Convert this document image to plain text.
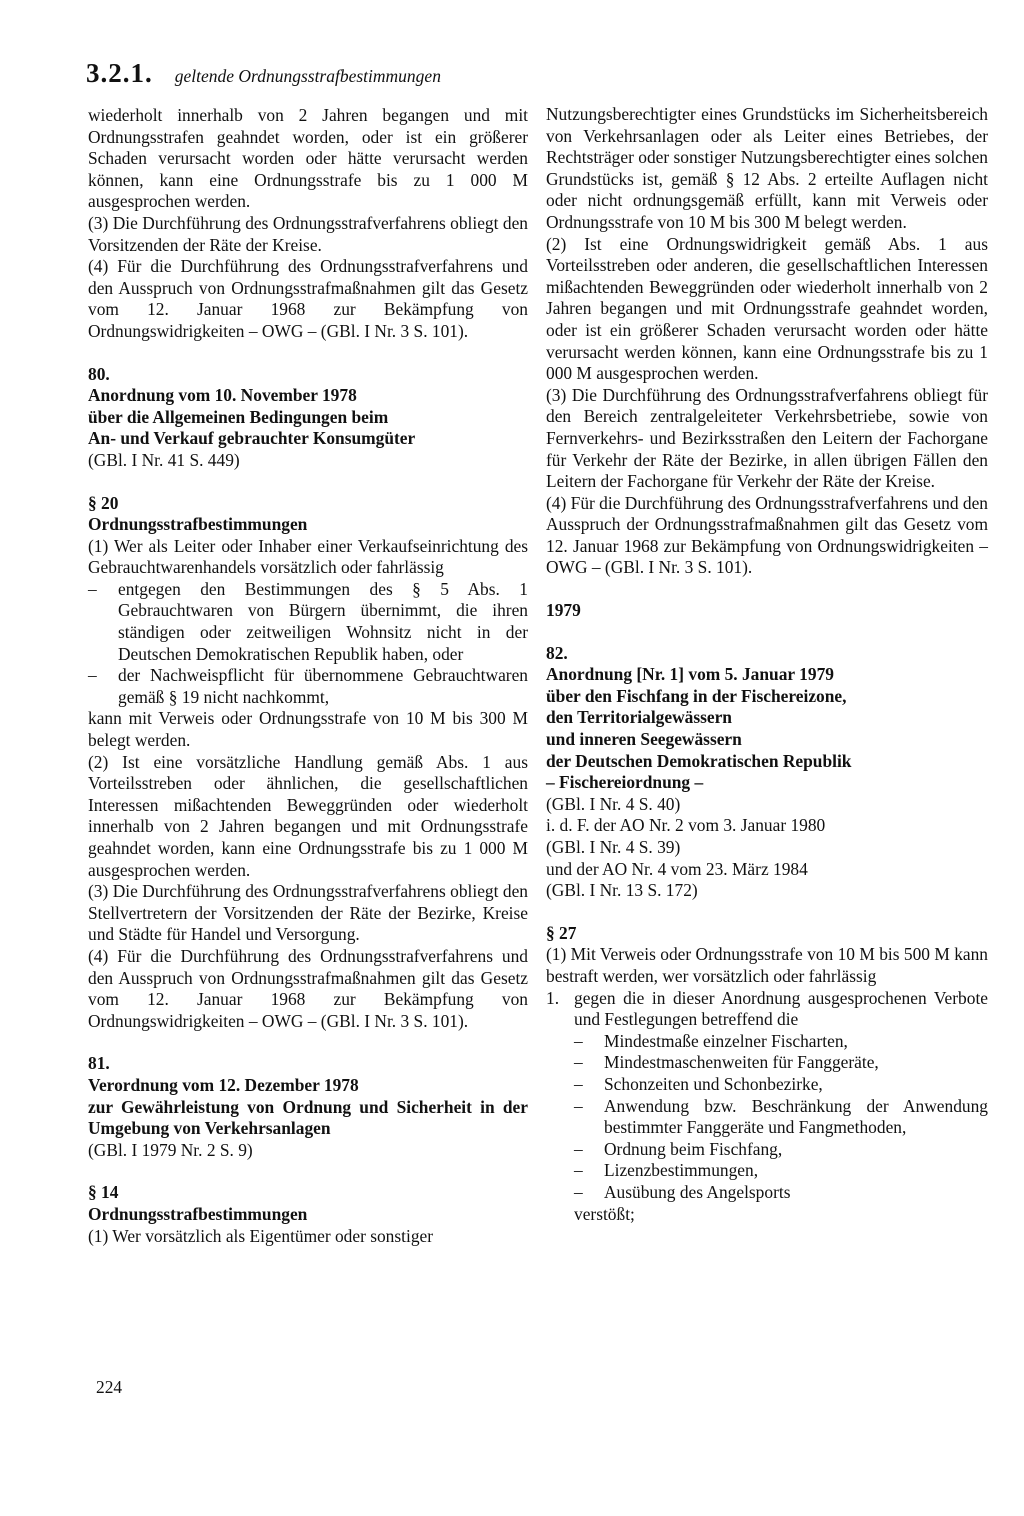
3.2.1. geltende Ordnungsstrafbestimmungen

wiederholt innerhalb von 2 Jahren begangen und mit Ordnungsstrafen geahndet worden, oder ist ein größerer Schaden verursacht worden oder hätte verursacht werden können, kann eine Ordnungsstrafe bis zu 1 000 M ausgesprochen werden.

(3) Die Durchführung des Ordnungsstrafverfahrens obliegt den Vorsitzenden der Räte der Kreise.

(4) Für die Durchführung des Ordnungsstrafverfahrens und den Ausspruch von Ordnungsstrafmaßnahmen gilt das Gesetz vom 12. Januar 1968 zur Bekämpfung von Ordnungswidrigkeiten – OWG – (GBl. I Nr. 3 S. 101).

80.

Anordnung vom 10. November 1978

über die Allgemeinen Bedingungen beim

An- und Verkauf gebrauchter Konsumgüter

(GBl. I Nr. 41 S. 449)

§ 20

Ordnungsstrafbestimmungen

(1) Wer als Leiter oder Inhaber einer Verkaufseinrichtung des Gebrauchtwarenhandels vorsätzlich oder fahrlässig

–	entgegen den Bestimmungen des § 5 Abs. 1 Gebrauchtwaren von Bürgern übernimmt, die ihren ständigen oder zeitweiligen Wohnsitz nicht in der Deutschen Demokratischen Republik haben, oder
–	der Nachweispflicht für übernommene Gebrauchtwaren gemäß § 19 nicht nachkommt,

kann mit Verweis oder Ordnungsstrafe von 10 M bis 300 M belegt werden.

(2) Ist eine vorsätzliche Handlung gemäß Abs. 1 aus Vorteilsstreben oder ähnlichen, die gesellschaftlichen Interessen mißachtenden Beweggründen oder wiederholt innerhalb von 2 Jahren begangen und mit Ordnungsstrafe geahndet worden, kann eine Ordnungsstrafe bis zu 1 000 M ausgesprochen werden.

(3) Die Durchführung des Ordnungsstrafverfahrens obliegt den Stellvertretern der Vorsitzenden der Räte der Bezirke, Kreise und Städte für Handel und Versorgung.

(4) Für die Durchführung des Ordnungsstrafverfahrens und den Ausspruch von Ordnungsstrafmaßnahmen gilt das Gesetz vom 12. Januar 1968 zur Bekämpfung von Ordnungswidrigkeiten – OWG – (GBl. I Nr. 3 S. 101).

81.

Verordnung vom 12. Dezember 1978

zur Gewährleistung von Ordnung und Sicherheit in der Umgebung von Verkehrsanlagen

(GBl. I 1979 Nr. 2 S. 9)

§ 14

Ordnungsstrafbestimmungen

(1) Wer vorsätzlich als Eigentümer oder sonstiger

Nutzungsberechtigter eines Grundstücks im Sicherheitsbereich von Verkehrsanlagen oder als Leiter eines Betriebes, der Rechtsträger oder sonstiger Nutzungsberechtigter eines solchen Grundstücks ist, gemäß § 12 Abs. 2 erteilte Auflagen nicht oder nicht ordnungsgemäß erfüllt, kann mit Verweis oder Ordnungsstrafe von 10 M bis 300 M belegt werden.

(2) Ist eine Ordnungswidrigkeit gemäß Abs. 1 aus Vorteilsstreben oder anderen, die gesellschaftlichen Interessen mißachtenden Beweggründen oder wiederholt innerhalb von 2 Jahren begangen und mit Ordnungsstrafe geahndet worden, oder ist ein größerer Schaden verursacht worden oder hätte verursacht werden können, kann eine Ordnungsstrafe bis zu 1 000 M ausgesprochen werden.

(3) Die Durchführung des Ordnungsstrafverfahrens obliegt für den Bereich zentralgeleiteter Verkehrsbetriebe, sowie von Fernverkehrs- und Bezirksstraßen den Leitern der Fachorgane für Verkehr der Räte der Bezirke, in allen übrigen Fällen den Leitern der Fachorgane für Verkehr der Räte der Kreise.

(4) Für die Durchführung des Ordnungsstrafverfahrens und den Ausspruch der Ordnungsstrafmaßnahmen gilt das Gesetz vom 12. Januar 1968 zur Bekämpfung von Ordnungswidrigkeiten – OWG – (GBl. I Nr. 3 S. 101).

1979

82.

Anordnung [Nr. 1] vom 5. Januar 1979

über den Fischfang in der Fischereizone,

den Territorialgewässern

und inneren Seegewässern

der Deutschen Demokratischen Republik

– Fischereiordnung –

(GBl. I Nr. 4 S. 40)

i. d. F. der AO Nr. 2 vom 3. Januar 1980

(GBl. I Nr. 4 S. 39)

und der AO Nr. 4 vom 23. März 1984

(GBl. I Nr. 13 S. 172)

§ 27

(1) Mit Verweis oder Ordnungsstrafe von 10 M bis 500 M kann bestraft werden, wer vorsätzlich oder fahrlässig

1. gegen die in dieser Anordnung ausgesprochenen Verbote und Festlegungen betreffend die
–	Mindestmaße einzelner Fischarten,
–	Mindestmaschenweiten für Fanggeräte,
–	Schonzeiten und Schonbezirke,
–	Anwendung bzw. Beschränkung der Anwendung bestimmter Fanggeräte und Fangmethoden,
–	Ordnung beim Fischfang,
–	Lizenzbestimmungen,
–	Ausübung des Angelsports

verstößt;

224
